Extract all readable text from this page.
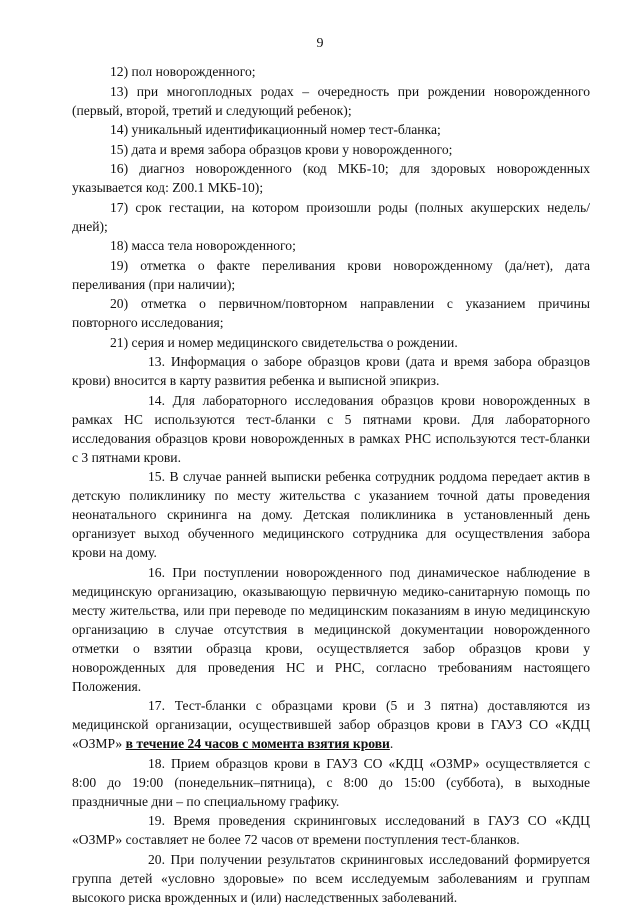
9

12) пол новорожденного;

13) при многоплодных родах – очередность при рождении новорожденного (первый, второй, третий и следующий ребенок);

14) уникальный идентификационный номер тест-бланка;

15) дата и время забора образцов крови у новорожденного;

16) диагноз новорожденного (код МКБ-10; для здоровых новорожденных указывается код: Z00.1 МКБ-10);

17) срок гестации, на котором произошли роды (полных акушерских недель/дней);

18) масса тела новорожденного;

19) отметка о факте переливания крови новорожденному (да/нет), дата переливания (при наличии);

20) отметка о первичном/повторном направлении с указанием причины повторного исследования;

21) серия и номер медицинского свидетельства о рождении.

13. Информация о заборе образцов крови (дата и время забора образцов крови) вносится в карту развития ребенка и выписной эпикриз.

14. Для лабораторного исследования образцов крови новорожденных в рамках НС используются тест-бланки с 5 пятнами крови. Для лабораторного исследования образцов крови новорожденных в рамках РНС используются тест-бланки с 3 пятнами крови.

15. В случае ранней выписки ребенка сотрудник роддома передает актив в детскую поликлинику по месту жительства с указанием точной даты проведения неонатального скрининга на дому. Детская поликлиника в установленный день организует выход обученного медицинского сотрудника для осуществления забора крови на дому.

16. При поступлении новорожденного под динамическое наблюдение в медицинскую организацию, оказывающую первичную медико-санитарную помощь по месту жительства, или при переводе по медицинским показаниям в иную медицинскую организацию в случае отсутствия в медицинской документации новорожденного отметки о взятии образца крови, осуществляется забор образцов крови у новорожденных для проведения НС и РНС, согласно требованиям настоящего Положения.

17. Тест-бланки с образцами крови (5 и 3 пятна) доставляются из медицинской организации, осуществившей забор образцов крови в ГАУЗ СО «КДЦ «ОЗМР» в течение 24 часов с момента взятия крови.

18. Прием образцов крови в ГАУЗ СО «КДЦ «ОЗМР» осуществляется с 8:00 до 19:00 (понедельник–пятница), с 8:00 до 15:00 (суббота), в выходные праздничные дни – по специальному графику.

19. Время проведения скрининговых исследований в ГАУЗ СО «КДЦ «ОЗМР» составляет не более 72 часов от времени поступления тест-бланков.

20. При получении результатов скрининговых исследований формируется группа детей «условно здоровые» по всем исследуемым заболеваниям и группам высокого риска врожденных и (или) наследственных заболеваний.
